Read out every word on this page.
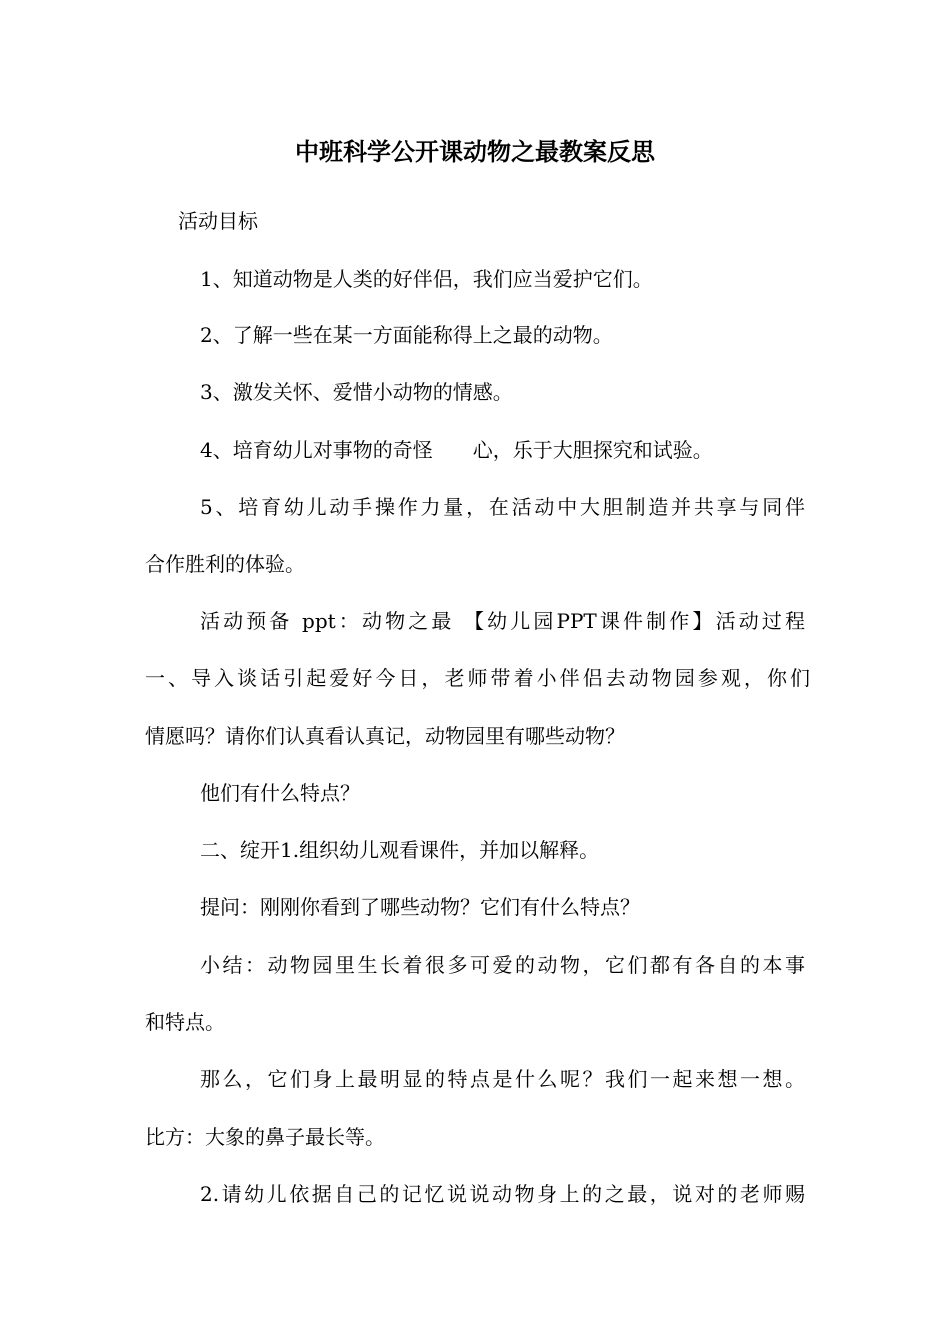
中班科学公开课动物之最教案反思

活动目标

1、知道动物是人类的好伴侣，我们应当爱护它们。

2、了解一些在某一方面能称得上之最的动物。

3、激发关怀、爱惜小动物的情感。

4、培育幼儿对事物的奇怪　　心，乐于大胆探究和试验。

5、培育幼儿动手操作力量，在活动中大胆制造并共享与同伴

合作胜利的体验。

活动预备 ppt：动物之最 【幼儿园PPT课件制作】活动过程

一、导入谈话引起爱好今日，老师带着小伴侣去动物园参观，你们

情愿吗？请你们认真看认真记，动物园里有哪些动物？

他们有什么特点？

二、绽开1.组织幼儿观看课件，并加以解释。

提问：刚刚你看到了哪些动物？它们有什么特点？

小结：动物园里生长着很多可爱的动物，它们都有各自的本事

和特点。

那么，它们身上最明显的特点是什么呢？我们一起来想一想。

比方：大象的鼻子最长等。

2.请幼儿依据自己的记忆说说动物身上的之最，说对的老师赐
